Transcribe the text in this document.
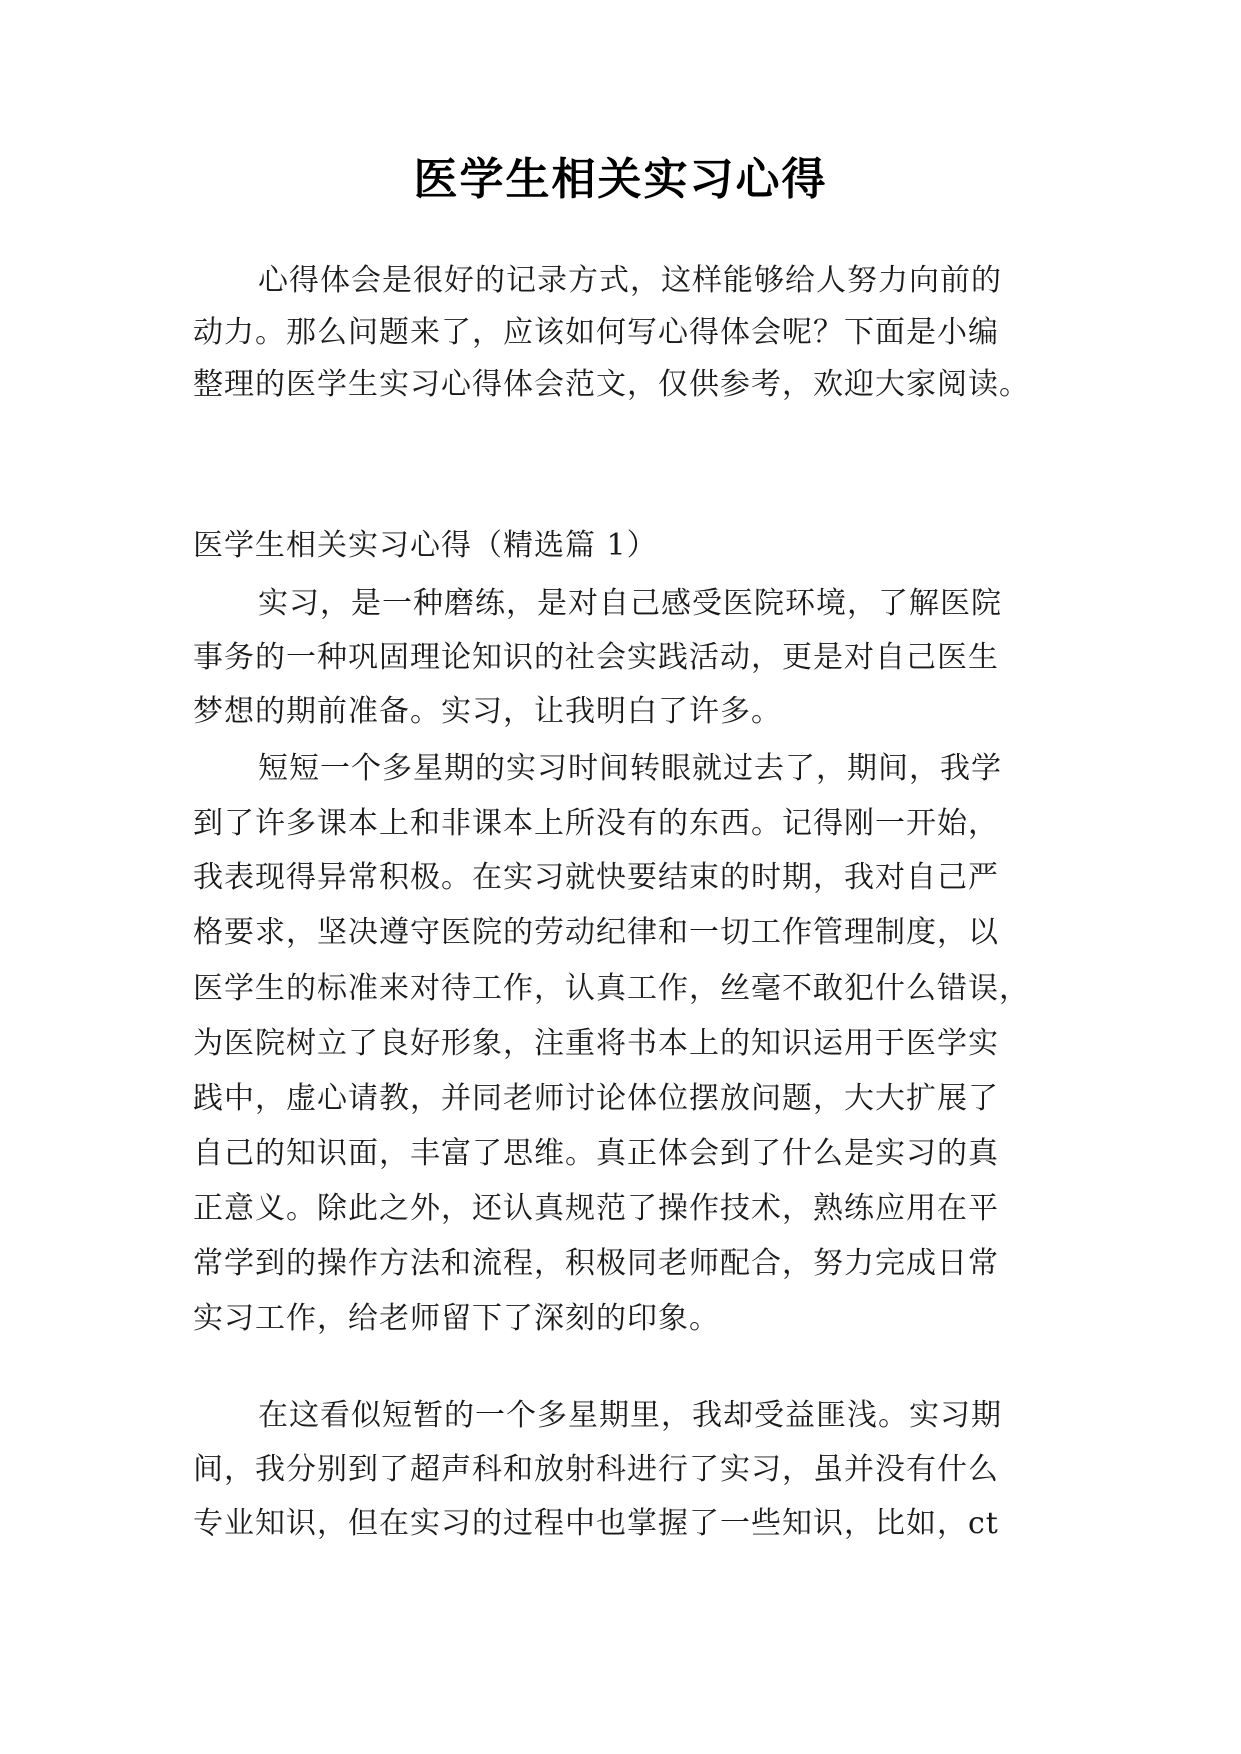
医学生相关实习心得
心得体会是很好的记录方式，这样能够给人努力向前的
动力。那么问题来了，应该如何写心得体会呢？下面是小编
整理的医学生实习心得体会范文，仅供参考，欢迎大家阅读。
医学生相关实习心得（精选篇 1）
实习，是一种磨练，是对自己感受医院环境，了解医院
事务的一种巩固理论知识的社会实践活动，更是对自己医生
梦想的期前准备。实习，让我明白了许多。
短短一个多星期的实习时间转眼就过去了，期间，我学
到了许多课本上和非课本上所没有的东西。记得刚一开始，
我表现得异常积极。在实习就快要结束的时期，我对自己严
格要求，坚决遵守医院的劳动纪律和一切工作管理制度，以
医学生的标准来对待工作，认真工作，丝毫不敢犯什么错误，
为医院树立了良好形象，注重将书本上的知识运用于医学实
践中，虚心请教，并同老师讨论体位摆放问题，大大扩展了
自己的知识面，丰富了思维。真正体会到了什么是实习的真
正意义。除此之外，还认真规范了操作技术，熟练应用在平
常学到的操作方法和流程，积极同老师配合，努力完成日常
实习工作，给老师留下了深刻的印象。
在这看似短暂的一个多星期里，我却受益匪浅。实习期
间，我分别到了超声科和放射科进行了实习，虽并没有什么
专业知识，但在实习的过程中也掌握了一些知识，比如，ct
